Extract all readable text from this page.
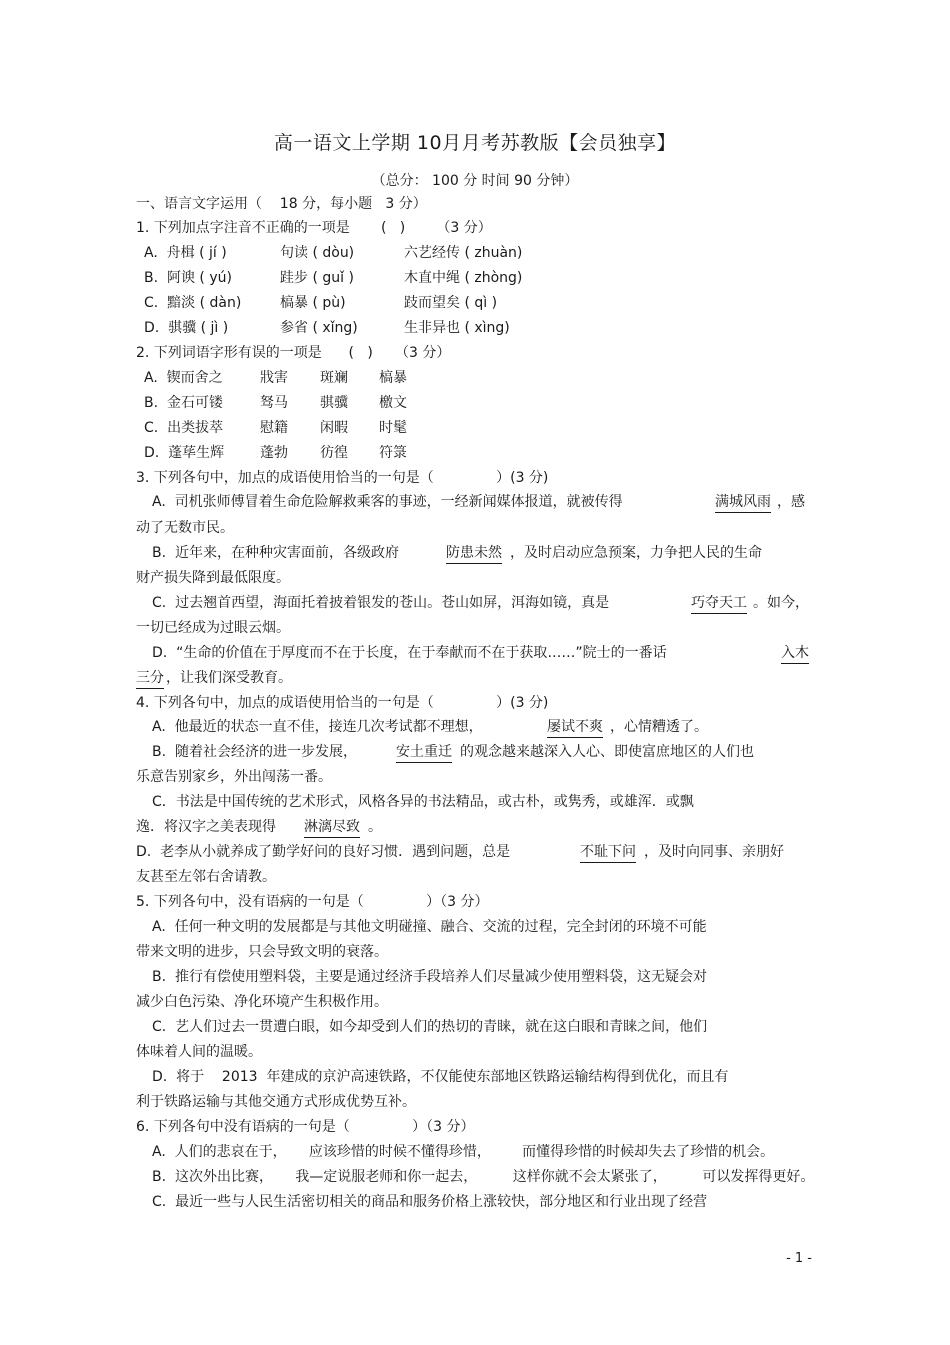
高一语文上学期 10月月考苏教版【会员独享】
（总分： 100 分 时间 90 分钟）
一、语言文字运用（    18 分，每小题   3 分）
1. 下列加点字注音不正确的一项是       (   )       （3 分）
A.  舟楫 ( jí )	句读 ( dòu)	六艺经传 ( zhuàn)
B.  阿谀 ( yú)	跬步 ( guǐ )	木直中绳 ( zhòng)
C.  黯淡 ( dàn)	槁暴 ( pù)	跂而望矣 ( qì )
D.  骐骥 ( jì )	参省 ( xǐng)	生非异也 ( xìng)
2. 下列词语字形有误的一项是      (   )     （3 分）
A.  锲而舍之	戕害 斑斓 槁暴
B.  金石可镂	驽马 骐骥 檄文
C.  出类拔萃	慰籍 闲暇 时髦
D.  蓬荜生辉	蓬勃 彷徨 符箓
3. 下列各句中，加点的成语使用恰当的一句是（              ）(3 分)
A.  司机张师傅冒着生命危险解救乘客的事迹，一经新闻媒体报道，就被传得	满城风雨 ，感
动了无数市民。
B.  近年来，在种种灾害面前，各级政府	防患未然 ，及时启动应急预案，力争把人民的生命
财产损失降到最低限度。
C.  过去翘首西望，海面托着披着银发的苍山。苍山如屏，洱海如镜，真是	巧夺天工 。如今，
一切已经成为过眼云烟。
D.  “生命的价值在于厚度而不在于长度，在于奉献而不在于获取……”院士的一番话	入木
三分 ，让我们深受教育。
4. 下列各句中，加点的成语使用恰当的一句是（              ）(3 分)
A.  他最近的状态一直不佳，接连几次考试都不理想，	屡试不爽 ，心情糟透了。
B.  随着社会经济的进一步发展，	安土重迁 的观念越来越深入人心、即使富庶地区的人们也
乐意告别家乡，外出闯荡一番。
C．书法是中国传统的艺术形式，风格各异的书法精品，或古朴，或隽秀，或雄浑．或飘
逸．将汉字之美表现得 淋漓尽致 。
D.  老李从小就养成了勤学好问的良好习惯．遇到问题，总是	不耻下问 ，及时向同事、亲朋好
友甚至左邻右舍请教。
5. 下列各句中，没有语病的一句是（              ）（3 分）
A.  任何一种文明的发展都是与其他文明碰撞、融合、交流的过程，完全封闭的环境不可能
带来文明的进步，只会导致文明的衰落。
B.  推行有偿使用塑料袋，主要是通过经济手段培养人们尽量减少使用塑料袋，这无疑会对
减少白色污染、净化环境产生积极作用。
C.  艺人们过去一贯遭白眼，如今却受到人们的热切的青睐，就在这白眼和青睐之间，他们
体味着人间的温暖。
D.  将于    2013  年建成的京沪高速铁路，不仅能使东部地区铁路运输结构得到优化，而且有
利于铁路运输与其他交通方式形成优势互补。
6. 下列各句中没有语病的一句是（              ）（3 分）
A.  人们的悲哀在于，     应该珍惜的时候不懂得珍惜，       而懂得珍惜的时候却失去了珍惜的机会。
B.  这次外出比赛，     我—定说服老师和你一起去，        这样你就不会太紧张了，        可以发挥得更好。
C.  最近一些与人民生活密切相关的商品和服务价格上涨较快，部分地区和行业出现了经营
- 1 -
